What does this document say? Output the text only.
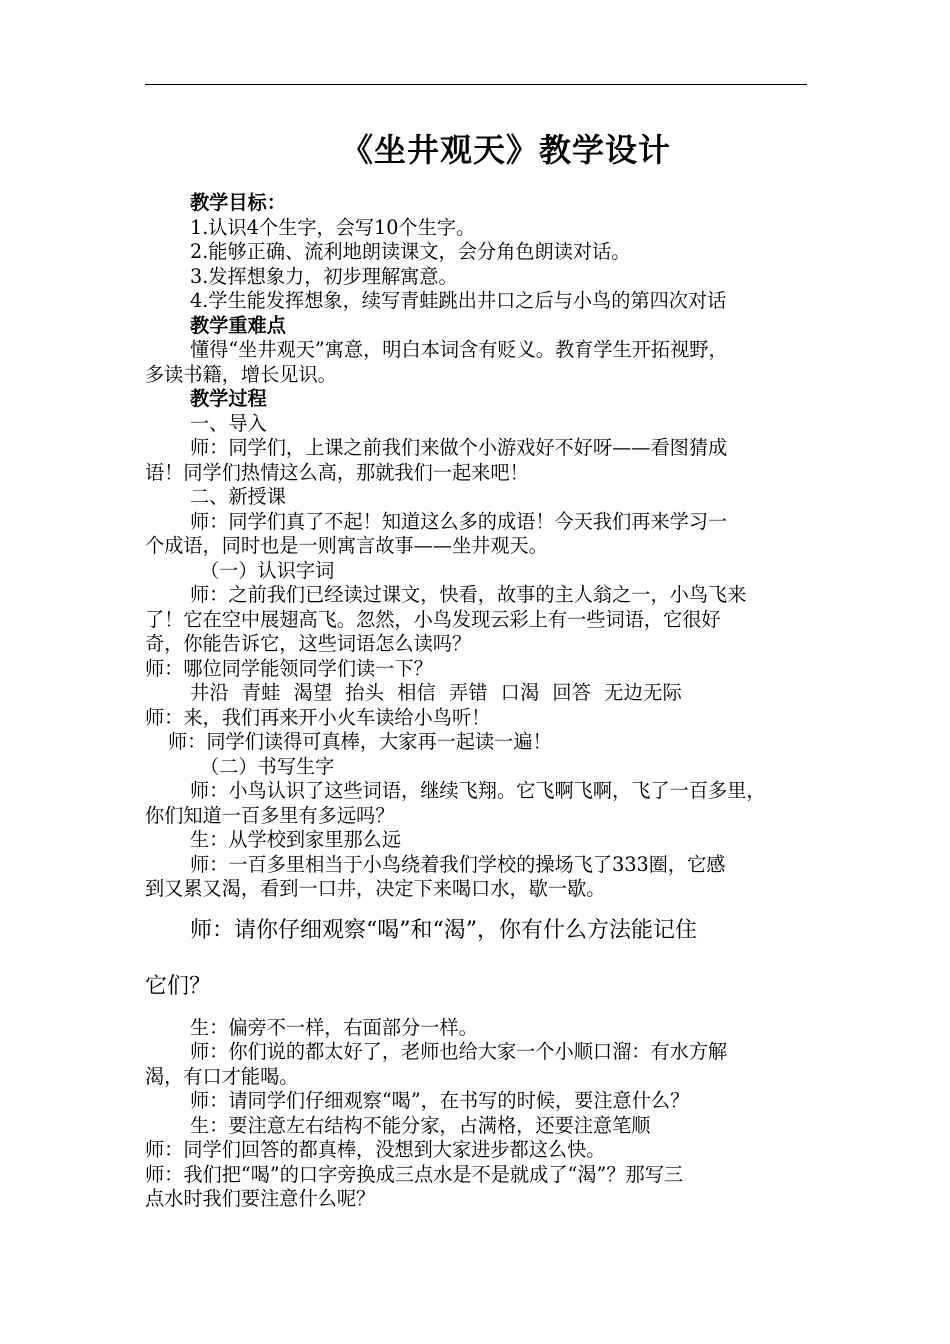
《坐井观天》教学设计

教学目标：

1.认识4个生字，会写10个生字。

2.能够正确、流利地朗读课文，会分角色朗读对话。

3.发挥想象力，初步理解寓意。

4.学生能发挥想象，续写青蛙跳出井口之后与小鸟的第四次对话

教学重难点

懂得“坐井观天”寓意，明白本词含有贬义。教育学生开拓视野，

多读书籍，增长见识。

教学过程

一、导入

师：同学们，上课之前我们来做个小游戏好不好呀——看图猜成

语！同学们热情这么高，那就我们一起来吧！

二、新授课

师：同学们真了不起！知道这么多的成语！今天我们再来学习一

个成语，同时也是一则寓言故事——坐井观天。

（一）认识字词

师：之前我们已经读过课文，快看，故事的主人翁之一，小鸟飞来

了！它在空中展翅高飞。忽然，小鸟发现云彩上有一些词语，它很好

奇，你能告诉它，这些词语怎么读吗？

师：哪位同学能领同学们读一下？

井沿  青蛙  渴望  抬头  相信  弄错  口渴  回答  无边无际

师：来，我们再来开小火车读给小鸟听！

师：同学们读得可真棒，大家再一起读一遍！

（二）书写生字

师：小鸟认识了这些词语，继续飞翔。它飞啊飞啊，飞了一百多里，

你们知道一百多里有多远吗？

生：从学校到家里那么远

师：一百多里相当于小鸟绕着我们学校的操场飞了333圈，它感

到又累又渴，看到一口井，决定下来喝口水，歇一歇。

师：请你仔细观察“喝”和“渴”，你有什么方法能记住

它们？

生：偏旁不一样，右面部分一样。

师：你们说的都太好了，老师也给大家一个小顺口溜：有水方解

渴，有口才能喝。

师：请同学们仔细观察“喝”，在书写的时候，要注意什么？

生：要注意左右结构不能分家，占满格，还要注意笔顺

师：同学们回答的都真棒，没想到大家进步都这么快。

师：我们把“喝”的口字旁换成三点水是不是就成了“渴”？那写三

点水时我们要注意什么呢？
